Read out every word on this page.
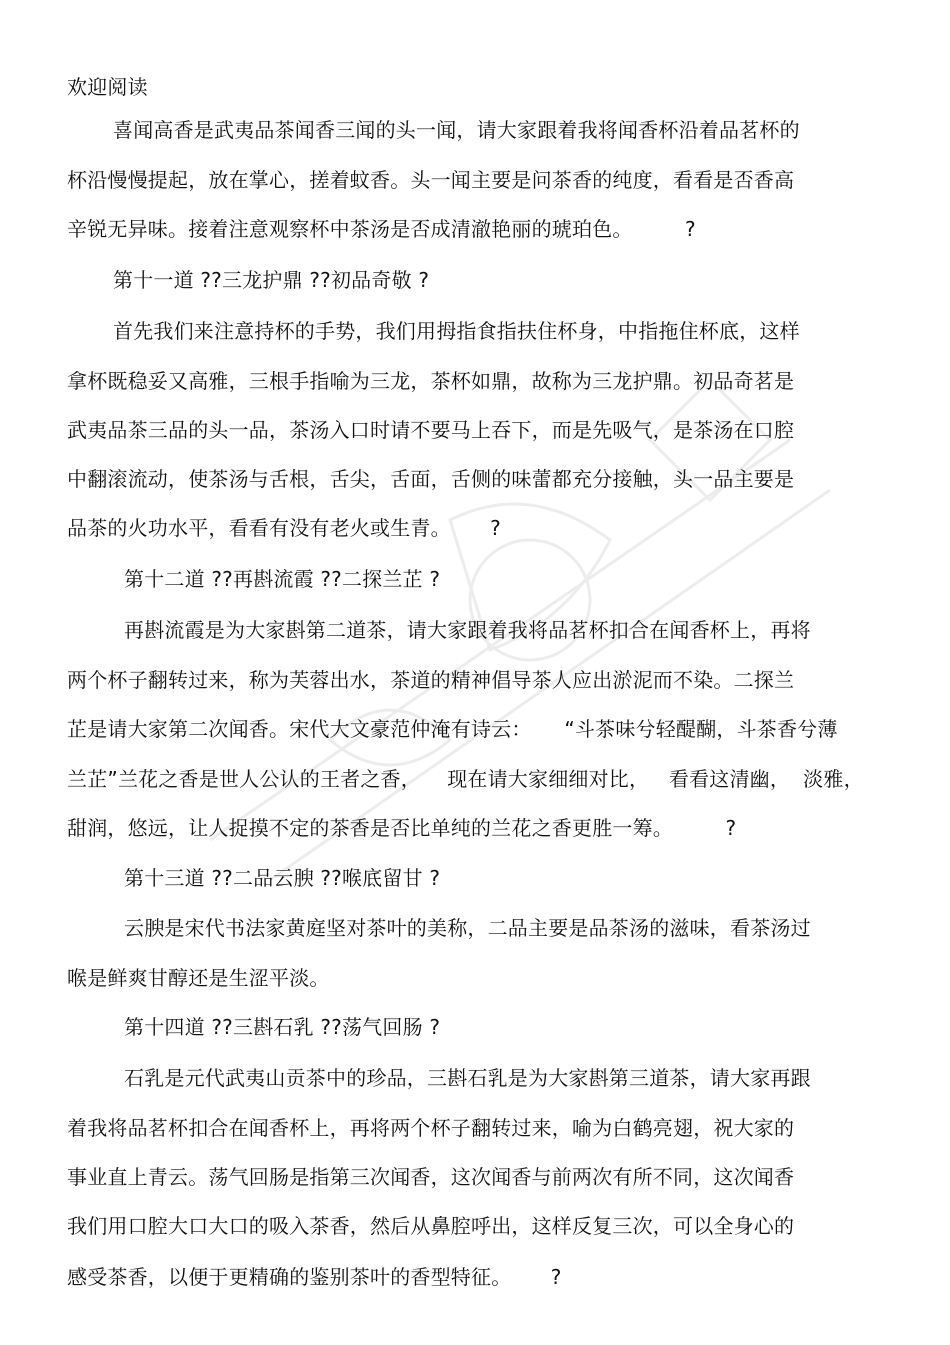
欢迎阅读
喜闻高香是武夷品茶闻香三闻的头一闻，请大家跟着我将闻香杯沿着品茗杯的
杯沿慢慢提起，放在掌心，搓着蚊香。头一闻主要是问茶香的纯度，看看是否香高
辛锐无异味。接着注意观察杯中茶汤是否成清澈艳丽的琥珀色。        ?
第十一道 ??三龙护鼎 ??初品奇敬 ?
首先我们来注意持杯的手势，我们用拇指食指扶住杯身，中指拖住杯底，这样
拿杯既稳妥又高雅，三根手指喻为三龙，茶杯如鼎，故称为三龙护鼎。初品奇茗是
武夷品茶三品的头一品，茶汤入口时请不要马上吞下，而是先吸气，是茶汤在口腔
中翻滚流动，使茶汤与舌根，舌尖，舌面，舌侧的味蕾都充分接触，头一品主要是
品茶的火功水平，看看有没有老火或生青。      ?
第十二道 ??再斟流霞 ??二探兰芷 ?
再斟流霞是为大家斟第二道茶，请大家跟着我将品茗杯扣合在闻香杯上，再将
两个杯子翻转过来，称为芙蓉出水，茶道的精神倡导茶人应出淤泥而不染。二探兰
芷是请大家第二次闻香。宋代大文豪范仲淹有诗云：     “斗茶味兮轻醍醐，斗茶香兮薄
兰芷”兰花之香是世人公认的王者之香，    现在请大家细细对比，   看看这清幽，  淡雅，
甜润，悠远，让人捉摸不定的茶香是否比单纯的兰花之香更胜一筹。        ?
第十三道 ??二品云腴 ??喉底留甘 ?
云腴是宋代书法家黄庭坚对茶叶的美称，二品主要是品茶汤的滋味，看茶汤过
喉是鲜爽甘醇还是生涩平淡。
第十四道 ??三斟石乳 ??荡气回肠 ?
石乳是元代武夷山贡茶中的珍品，三斟石乳是为大家斟第三道茶，请大家再跟
着我将品茗杯扣合在闻香杯上，再将两个杯子翻转过来，喻为白鹤亮翅，祝大家的
事业直上青云。荡气回肠是指第三次闻香，这次闻香与前两次有所不同，这次闻香
我们用口腔大口大口的吸入茶香，然后从鼻腔呼出，这样反复三次，可以全身心的
感受茶香，以便于更精确的鉴别茶叶的香型特征。      ?
